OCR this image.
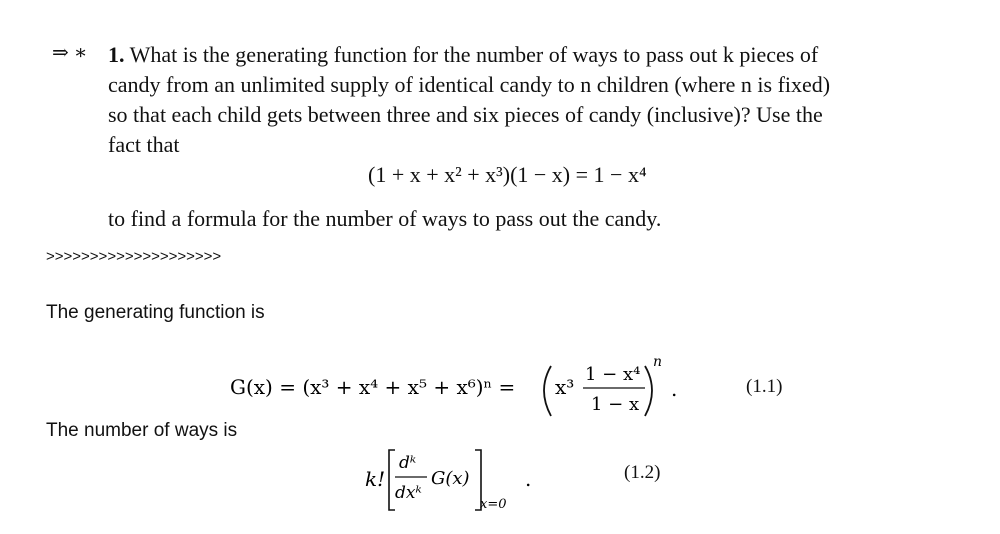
⇒ ∗ 1. What is the generating function for the number of ways to pass out k pieces of
candy from an unlimited supply of identical candy to n children (where n is fixed)
so that each child gets between three and six pieces of candy (inclusive)? Use the
fact that
(1 + x + x² + x³)(1 − x) = 1 − x⁴
to find a formula for the number of ways to pass out the candy.
>>>>>>>>>>>>>>>>>>>>
The generating function is
G(x) = (x³ + x⁴ + x⁵ + x⁶)ⁿ = x³
1 − x⁴
1 − x
n
.	(1.1)
The number of ways is
k!
dᵏ
dxᵏ
G(x)
x=0
.	(1.2)
